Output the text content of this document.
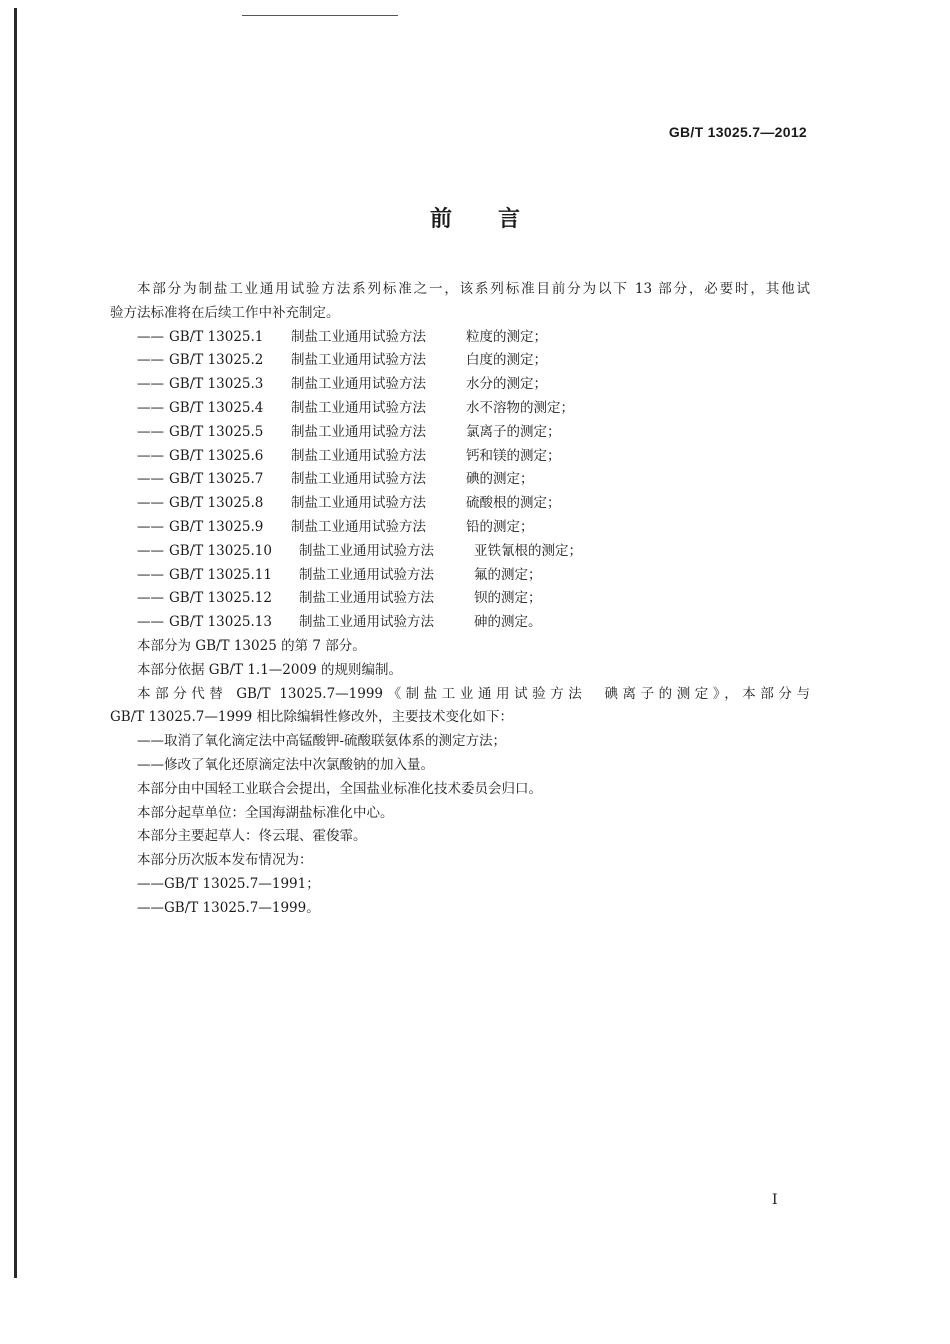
GB/T 13025.7—2012
前言
本部分为制盐工业通用试验方法系列标准之一，该系列标准目前分为以下 13 部分，必要时，其他试
验方法标准将在后续工作中补充制定。
—— GB/T 13025.1	制盐工业通用试验方法	粒度的测定；
—— GB/T 13025.2	制盐工业通用试验方法	白度的测定；
—— GB/T 13025.3	制盐工业通用试验方法	水分的测定；
—— GB/T 13025.4	制盐工业通用试验方法	水不溶物的测定；
—— GB/T 13025.5	制盐工业通用试验方法	氯离子的测定；
—— GB/T 13025.6	制盐工业通用试验方法	钙和镁的测定；
—— GB/T 13025.7	制盐工业通用试验方法	碘的测定；
—— GB/T 13025.8	制盐工业通用试验方法	硫酸根的测定；
—— GB/T 13025.9	制盐工业通用试验方法	铅的测定；
—— GB/T 13025.10	制盐工业通用试验方法	亚铁氰根的测定；
—— GB/T 13025.11	制盐工业通用试验方法	氟的测定；
—— GB/T 13025.12	制盐工业通用试验方法	钡的测定；
—— GB/T 13025.13	制盐工业通用试验方法	砷的测定。
本部分为 GB/T 13025 的第 7 部分。
本部分依据 GB/T 1.1—2009 的规则编制。
本部分代替 GB/T 13025.7—1999《制盐工业通用试验方法　碘离子的测定》，本部分与
GB/T 13025.7—1999 相比除编辑性修改外，主要技术变化如下：
——取消了氧化滴定法中高锰酸钾-硫酸联氨体系的测定方法；
——修改了氧化还原滴定法中次氯酸钠的加入量。
本部分由中国轻工业联合会提出，全国盐业标准化技术委员会归口。
本部分起草单位：全国海湖盐标准化中心。
本部分主要起草人：佟云琨、霍俊霏。
本部分历次版本发布情况为：
——GB/T 13025.7—1991；
——GB/T 13025.7—1999。
I
